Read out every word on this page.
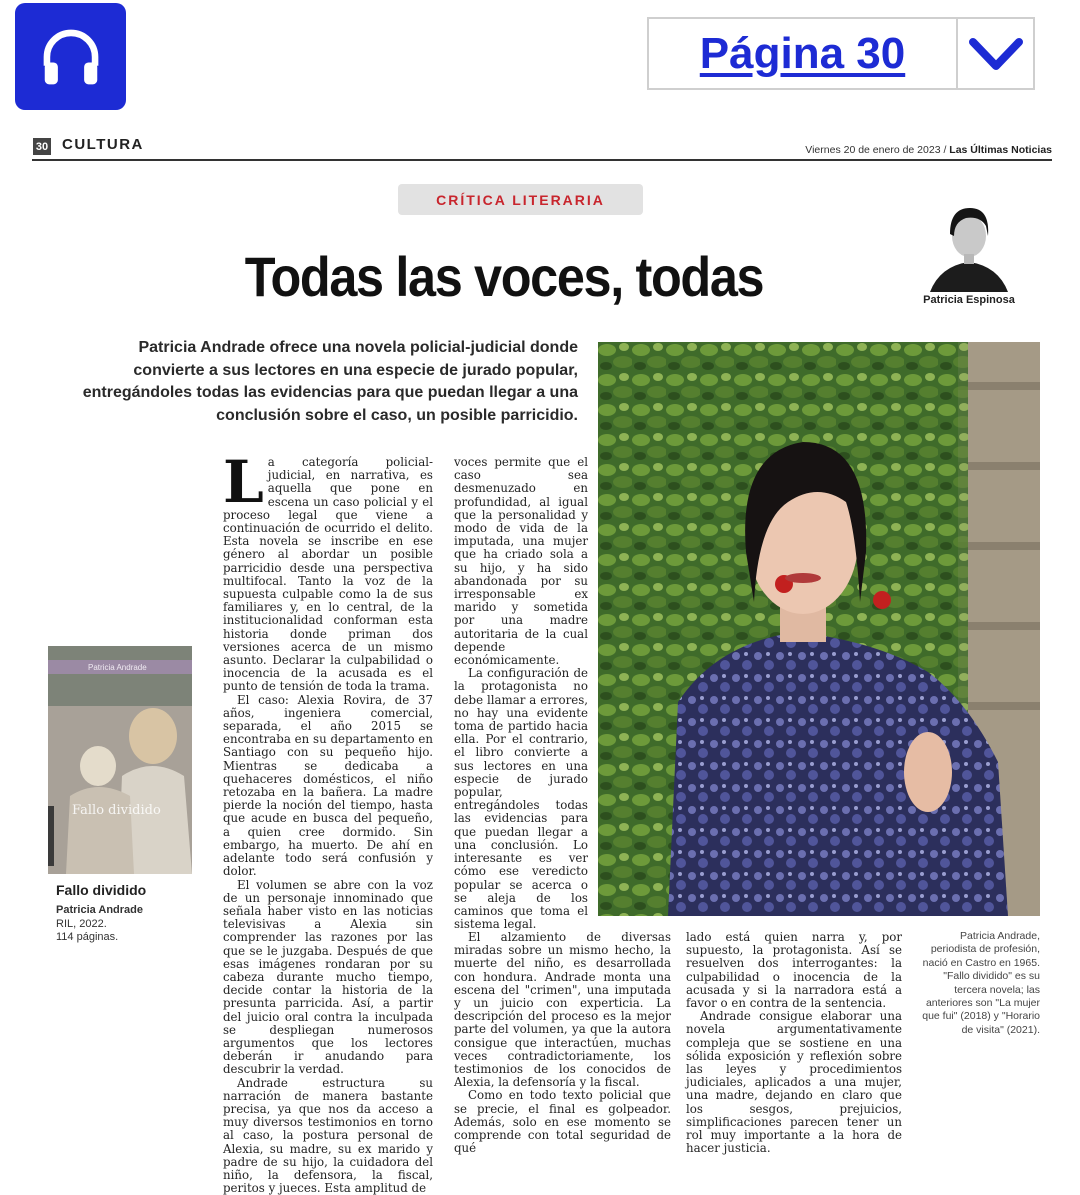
Página 30
30 CULTURA	Viernes 20 de enero de 2023 / Las Últimas Noticias
CRÍTICA LITERARIA
Todas las voces, todas	Patricia Espinosa
Patricia Andrade ofrece una novela policial-judicial donde convierte a sus lectores en una especie de jurado popular, entregándoles todas las evidencias para que puedan llegar a una conclusión sobre el caso, un posible parricidio.

La categoría policial-judicial, en narrativa, es aquella que pone en escena un caso policial y el proceso legal que viene a continuación de ocurrido el delito. Esta novela se inscribe en ese género al abordar un posible parricidio desde una perspectiva multifocal. Tanto la voz de la supuesta culpable como la de sus familiares y, en lo central, de la institucionalidad conforman esta historia donde priman dos versiones acerca de un mismo asunto. Declarar la culpabilidad o inocencia de la acusada es el punto de tensión de toda la trama.

El caso: Alexia Rovira, de 37 años, ingeniera comercial, separada, el año 2015 se encontraba en su departamento en Santiago con su pequeño hijo. Mientras se dedicaba a quehaceres domésticos, el niño retozaba en la bañera. La madre pierde la noción del tiempo, hasta que acude en busca del pequeño, a quien cree dormido. Sin embargo, ha muerto. De ahí en adelante todo será confusión y dolor.

El volumen se abre con la voz de un personaje innominado que señala haber visto en las noticias televisivas a Alexia sin comprender las razones por las que se le juzgaba. Después de que esas imágenes rondaran por su cabeza durante mucho tiempo, decide contar la historia de la presunta parricida. Así, a partir del juicio oral contra la inculpada se despliegan numerosos argumentos que los lectores deberán ir anudando para descubrir la verdad.

Andrade estructura su narración de manera bastante precisa, ya que nos da acceso a muy diversos testimonios en torno al caso, la postura personal de Alexia, su madre, su ex marido y padre de su hijo, la cuidadora del niño, la defensora, la fiscal, peritos y jueces. Esta amplitud de

voces permite que el caso sea desmenuzado en profundidad, al igual que la personalidad y modo de vida de la imputada, una mujer que ha criado sola a su hijo, y ha sido abandonada por su irresponsable ex marido y sometida por una madre autoritaria de la cual depende económicamente.

La configuración de la protagonista no debe llamar a errores, no hay una evidente toma de partido hacia ella. Por el contrario, el libro convierte a sus lectores en una especie de jurado popular, entregándoles todas las evidencias para que puedan llegar a una conclusión. Lo interesante es ver cómo ese veredicto popular se acerca o se aleja de los caminos que toma el sistema legal.

El alzamiento de diversas miradas sobre un mismo hecho, la muerte del niño, es desarrollada con hondura. Andrade monta una escena del "crimen", una imputada y un juicio con experticia. La descripción del proceso es la mejor parte del volumen, ya que la autora consigue que interactúen, muchas veces contradictoriamente, los testimonios de los conocidos de Alexia, la defensoría y la fiscal.

Como en todo texto policial que se precie, el final es golpeador. Además, solo en ese momento se comprende con total seguridad de qué

lado está quien narra y, por supuesto, la protagonista. Así se resuelven dos interrogantes: la culpabilidad o inocencia de la acusada y si la narradora está a favor o en contra de la sentencia.

Andrade consigue elaborar una novela argumentativamente compleja que se sostiene en una sólida exposición y reflexión sobre las leyes y procedimientos judiciales, aplicados a una mujer, una madre, dejando en claro que los sesgos, prejuicios, simplificaciones parecen tener un rol muy importante a la hora de hacer justicia.

Patricia Andrade
Fallo dividido
Fallo dividido
Patricia Andrade
RIL, 2022.
114 páginas.	Patricia Andrade, periodista de profesión, nació en Castro en 1965. "Fallo dividido" es su tercera novela; las anteriores son "La mujer que fui" (2018) y "Horario de visita" (2021).
